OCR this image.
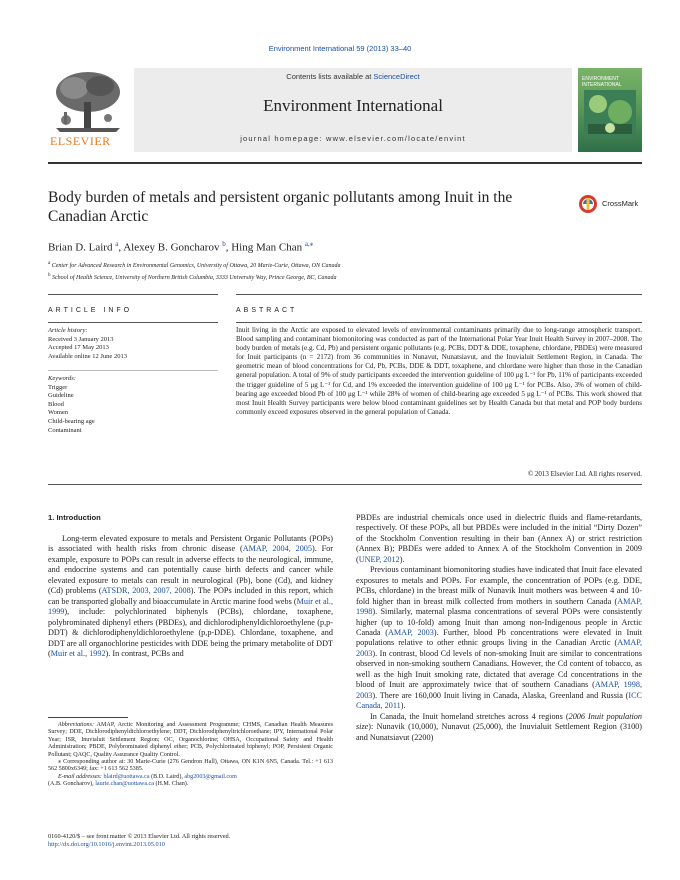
Environment International 59 (2013) 33–40
ELSEVIER
Contents lists available at ScienceDirect
Environment International
journal homepage: www.elsevier.com/locate/envint
ENVIRONMENT INTERNATIONAL
Body burden of metals and persistent organic pollutants among Inuit in the Canadian Arctic
CrossMark
Brian D. Laird $^a$, Alexey B. Goncharov $^b$, Hing Man Chan $^{a,⁎}$
$^a$ Center for Advanced Research in Environmental Genomics, University of Ottawa, 20 Marie-Curie, Ottawa, ON Canada
$^b$ School of Health Science, University of Northern British Columbia, 3333 University Way, Prince George, BC, Canada
ARTICLE INFO	ABSTRACT
Article history:
Received 3 January 2013
Accepted 17 May 2013
Available online 12 June 2013
Keywords:
Trigger
Guideline
Blood
Women
Child-bearing age
Contaminant
Inuit living in the Arctic are exposed to elevated levels of environmental contaminants primarily due to long-range atmospheric transport. Blood sampling and contaminant biomonitoring was conducted as part of the International Polar Year Inuit Health Survey in 2007–2008. The body burden of metals (e.g. Cd, Pb) and persistent organic pollutants (e.g. PCBs, DDT & DDE, toxaphene, chlordane, PBDEs) were measured for Inuit participants (n = 2172) from 36 communities in Nunavut, Nunatsiavut, and the Inuvialuit Settlement Region, in Canada. The geometric mean of blood concentrations for Cd, Pb, PCBs, DDE & DDT, toxaphene, and chlordane were higher than those in the Canadian general population. A total of 9% of study participants exceeded the intervention guideline of 100 μg L⁻¹ for Pb, 11% of participants exceeded the trigger guideline of 5 μg L⁻¹ for Cd, and 1% exceeded the intervention guideline of 100 μg L⁻¹ for PCBs. Also, 3% of women of child-bearing age exceeded blood Pb of 100 μg L⁻¹ while 28% of women of child-bearing age exceeded 5 μg L⁻¹ of PCBs. This work showed that most Inuit Health Survey participants were below blood contaminant guidelines set by Health Canada but that metal and POP body burdens commonly exceed exposures observed in the general population of Canada.
© 2013 Elsevier Ltd. All rights reserved.
1. Introduction

Long-term elevated exposure to metals and Persistent Organic Pollutants (POPs) is associated with health risks from chronic disease (AMAP, 2004, 2005). For example, exposure to POPs can result in adverse effects to the neurological, immune, and endocrine systems and can potentially cause birth defects and cancer while elevated exposure to metals can result in neurological (Pb), bone (Cd), and kidney (Cd) problems (ATSDR, 2003, 2007, 2008). The POPs included in this report, which can be transported globally and bioaccumulate in Arctic marine food webs (Muir et al., 1999), include: polychlorinated biphenyls (PCBs), chlordane, toxaphene, polybrominated diphenyl ethers (PBDEs), and dichlorodiphenyldichloroethylene (p,p-DDT) & dichlorodiphenyldichloroethylene (p,p-DDE). Chlordane, toxaphene, and DDT are all organochlorine pesticides with DDE being the primary metabolite of DDT (Muir et al., 1992). In contrast, PCBs and

PBDEs are industrial chemicals once used in dielectric fluids and flame-retardants, respectively. Of these POPs, all but PBDEs were included in the initial “Dirty Dozen” of the Stockholm Convention resulting in their ban (Annex A) or strict restriction (Annex B); PBDEs were added to Annex A of the Stockholm Convention in 2009 (UNEP, 2012).

Previous contaminant biomonitoring studies have indicated that Inuit face elevated exposures to metals and POPs. For example, the concentration of POPs (e.g. DDE, PCBs, chlordane) in the breast milk of Nunavik Inuit mothers was between 4 and 10-fold higher than in breast milk collected from mothers in southern Canada (AMAP, 1998). Similarly, maternal plasma concentrations of several POPs were consistently higher (up to 10-fold) among Inuit than among non-Indigenous people in Arctic Canada (AMAP, 2003). Further, blood Pb concentrations were elevated in Inuit populations relative to other ethnic groups living in the Canadian Arctic (AMAP, 2003). In contrast, blood Cd levels of non-smoking Inuit are similar to concentrations observed in non-smoking southern Canadians. However, the Cd content of tobacco, as well as the high Inuit smoking rate, dictated that average Cd concentrations in the blood of Inuit are approximately twice that of southern Canadians (AMAP, 1998, 2003). There are 160,000 Inuit living in Canada, Alaska, Greenland and Russia (ICC Canada, 2011).

In Canada, the Inuit homeland stretches across 4 regions (2006 Inuit population size): Nunavik (10,000), Nunavut (25,000), the Inuvialuit Settlement Region (3100) and Nunatsiavut (2200)

Abbreviations: AMAP, Arctic Monitoring and Assessment Programme; CHMS, Canadian Health Measures Survey; DDE, Dichlorodiphenyldichloroethylene; DDT, Dichlorodiphenyltrichloroethane; IPY, International Polar Year; ISR, Inuvialuit Settlement Region; OC, Organochlorine; OHSA, Occupational Safety and Health Administration; PBDE, Polybrominated diphenyl ether; PCB, Polychlorinated biphenyl; POP, Persistent Organic Pollutant; QAQC, Quality Assurance Quality Control.

⁎ Corresponding author at: 30 Marie-Curie (276 Gendron Hall), Ottawa, ON K1N 6N5, Canada. Tel.: +1 613 562 5800x6349; fax: +1 613 562 5385.

E-mail addresses: blaird@uottawa.ca (B.D. Laird), abg2003@gmail.com
(A.B. Goncharov), laurie.chan@uottawa.ca (H.M. Chan).

0160-4120/$ – see front matter © 2013 Elsevier Ltd. All rights reserved.
http://dx.doi.org/10.1016/j.envint.2013.05.010
